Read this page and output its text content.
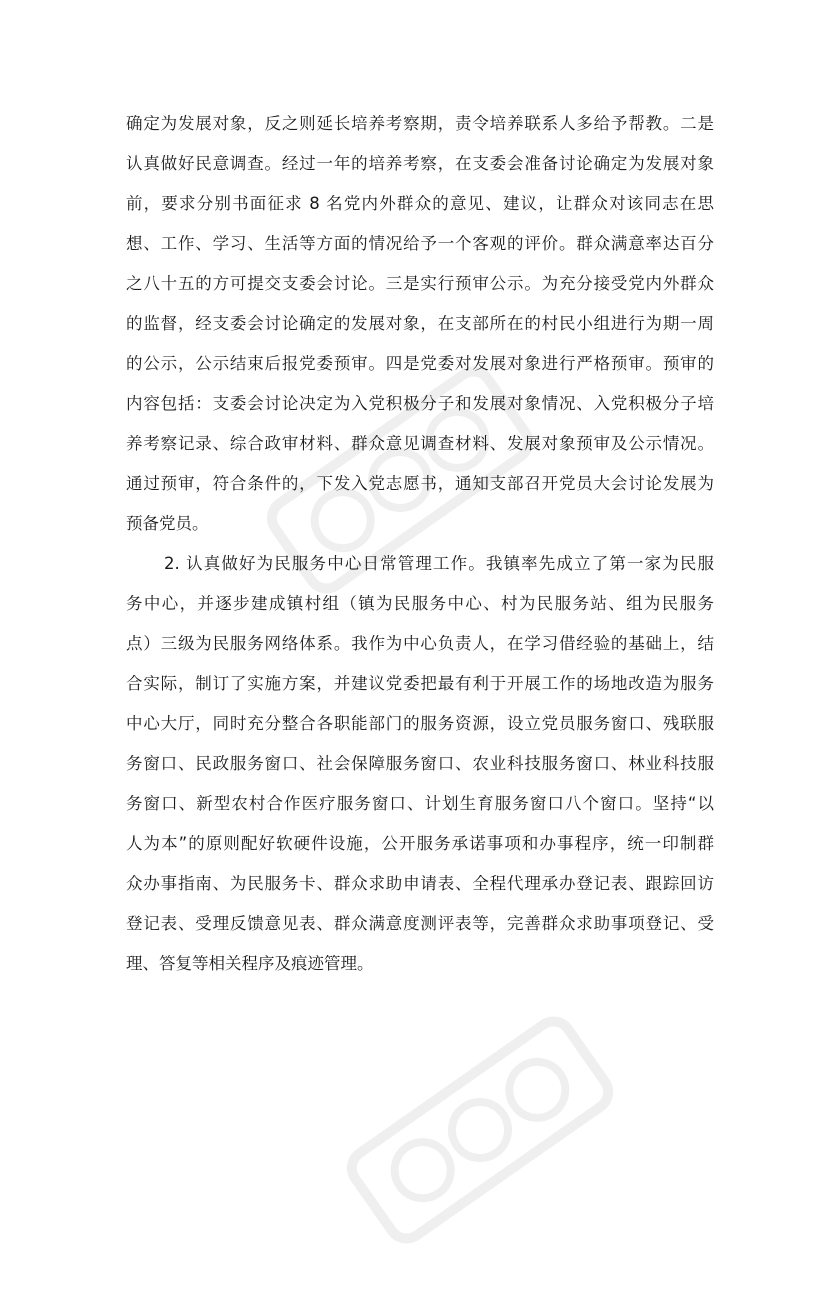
确定为发展对象，反之则延长培养考察期，责令培养联系人多给予帮教。二是
认真做好民意调查。经过一年的培养考察，在支委会准备讨论确定为发展对象
前，要求分别书面征求 8 名党内外群众的意见、建议，让群众对该同志在思
想、工作、学习、生活等方面的情况给予一个客观的评价。群众满意率达百分
之八十五的方可提交支委会讨论。三是实行预审公示。为充分接受党内外群众
的监督，经支委会讨论确定的发展对象，在支部所在的村民小组进行为期一周
的公示，公示结束后报党委预审。四是党委对发展对象进行严格预审。预审的
内容包括：支委会讨论决定为入党积极分子和发展对象情况、入党积极分子培
养考察记录、综合政审材料、群众意见调查材料、发展对象预审及公示情况。
通过预审，符合条件的，下发入党志愿书，通知支部召开党员大会讨论发展为
预备党员。
2. 认真做好为民服务中心日常管理工作。我镇率先成立了第一家为民服
务中心，并逐步建成镇村组（镇为民服务中心、村为民服务站、组为民服务
点）三级为民服务网络体系。我作为中心负责人，在学习借经验的基础上，结
合实际，制订了实施方案，并建议党委把最有利于开展工作的场地改造为服务
中心大厅，同时充分整合各职能部门的服务资源，设立党员服务窗口、残联服
务窗口、民政服务窗口、社会保障服务窗口、农业科技服务窗口、林业科技服
务窗口、新型农村合作医疗服务窗口、计划生育服务窗口八个窗口。坚持“以
人为本”的原则配好软硬件设施，公开服务承诺事项和办事程序，统一印制群
众办事指南、为民服务卡、群众求助申请表、全程代理承办登记表、跟踪回访
登记表、受理反馈意见表、群众满意度测评表等，完善群众求助事项登记、受
理、答复等相关程序及痕迹管理。
